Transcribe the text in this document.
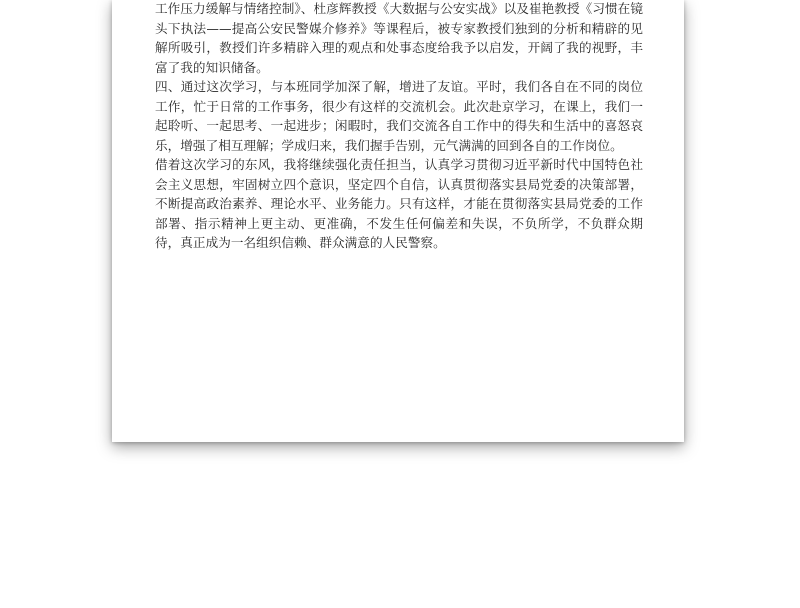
工作压力缓解与情绪控制》、杜彦辉教授《大数据与公安实战》以及崔艳教授《习惯在镜头下执法——提高公安民警媒介修养》等课程后，被专家教授们独到的分析和精辟的见解所吸引，教授们许多精辟入理的观点和处事态度给我予以启发，开阔了我的视野，丰富了我的知识储备。

四、通过这次学习，与本班同学加深了解，增进了友谊。平时，我们各自在不同的岗位工作，忙于日常的工作事务，很少有这样的交流机会。此次赴京学习，在课上，我们一起聆听、一起思考、一起进步；闲暇时，我们交流各自工作中的得失和生活中的喜怒哀乐，增强了相互理解；学成归来，我们握手告别，元气满满的回到各自的工作岗位。

借着这次学习的东风，我将继续强化责任担当，认真学习贯彻习近平新时代中国特色社会主义思想，牢固树立四个意识，坚定四个自信，认真贯彻落实县局党委的决策部署，不断提高政治素养、理论水平、业务能力。只有这样，才能在贯彻落实县局党委的工作部署、指示精神上更主动、更准确，不发生任何偏差和失误，不负所学，不负群众期待，真正成为一名组织信赖、群众满意的人民警察。
